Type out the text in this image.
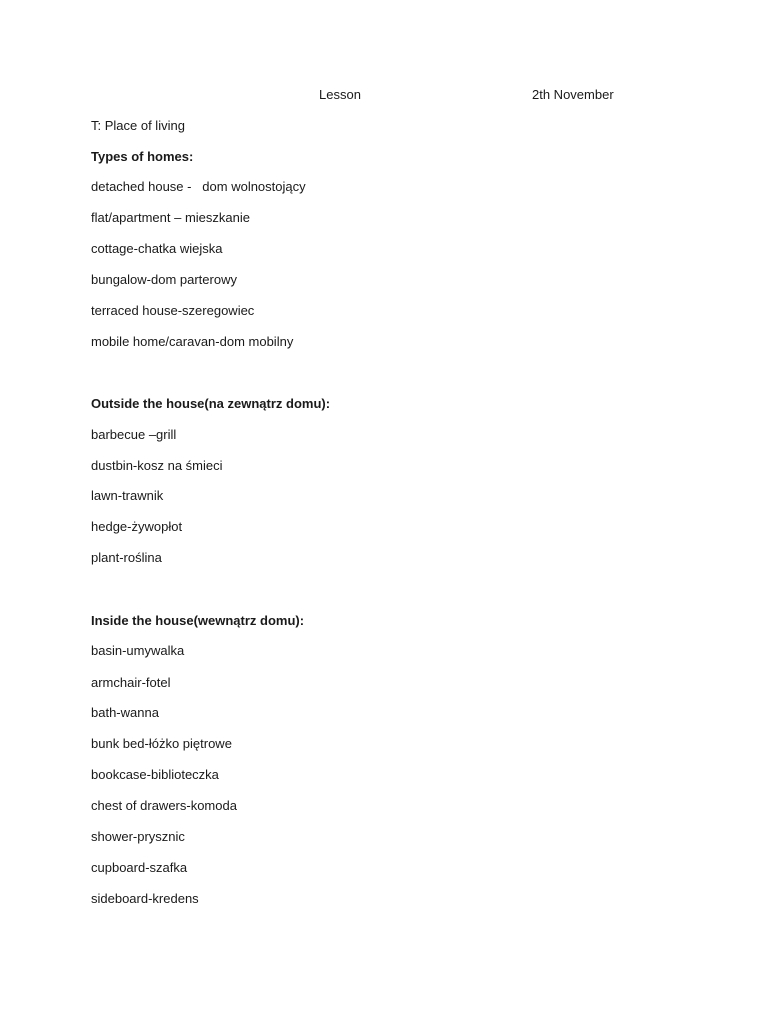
Lesson	2th November
T: Place of living
Types of homes:
detached house -   dom wolnostojący
flat/apartment – mieszkanie
cottage-chatka wiejska
bungalow-dom parterowy
terraced house-szeregowiec
mobile home/caravan-dom mobilny
Outside the house(na zewnątrz domu):
barbecue –grill
dustbin-kosz na śmieci
lawn-trawnik
hedge-żywopłot
plant-roślina
Inside the house(wewnątrz domu):
basin-umywalka
armchair-fotel
bath-wanna
bunk bed-łóżko piętrowe
bookcase-biblioteczka
chest of drawers-komoda
shower-prysznic
cupboard-szafka
sideboard-kredens
